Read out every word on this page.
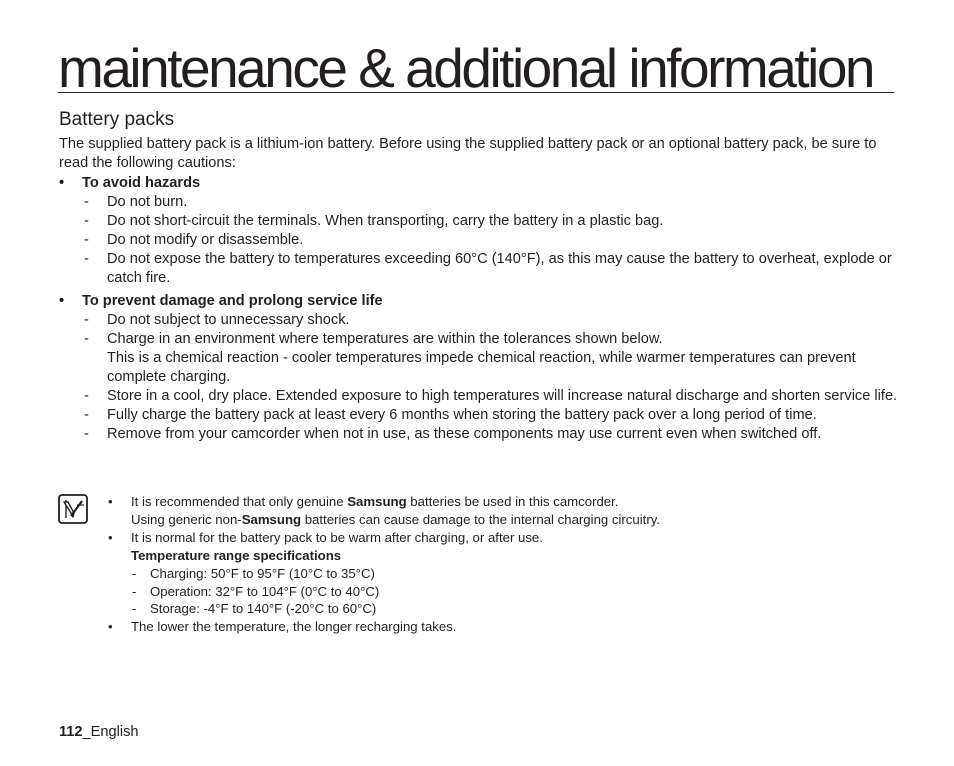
maintenance & additional information
Battery packs

The supplied battery pack is a lithium-ion battery. Before using the supplied battery pack or an optional battery pack, be sure to read the following cautions:

• To avoid hazards
- Do not burn.
- Do not short-circuit the terminals. When transporting, carry the battery in a plastic bag.
- Do not modify or disassemble.
- Do not expose the battery to temperatures exceeding 60°C (140°F), as this may cause the battery to overheat, explode or catch fire.
• To prevent damage and prolong service life
- Do not subject to unnecessary shock.
- Charge in an environment where temperatures are within the tolerances shown below.
This is a chemical reaction - cooler temperatures impede chemical reaction, while warmer temperatures can prevent complete charging.
- Store in a cool, dry place. Extended exposure to high temperatures will increase natural discharge and shorten service life.
- Fully charge the battery pack at least every 6 months when storing the battery pack over a long period of time.
- Remove from your camcorder when not in use, as these components may use current even when switched off.
• It is recommended that only genuine Samsung batteries be used in this camcorder.
Using generic non-Samsung batteries can cause damage to the internal charging circuitry.
• It is normal for the battery pack to be warm after charging, or after use.
Temperature range specifications
- Charging: 50°F to 95°F (10°C to 35°C)
- Operation: 32°F to 104°F (0°C to 40°C)
- Storage: -4°F to 140°F (-20°C to 60°C)
• The lower the temperature, the longer recharging takes.
112_English
